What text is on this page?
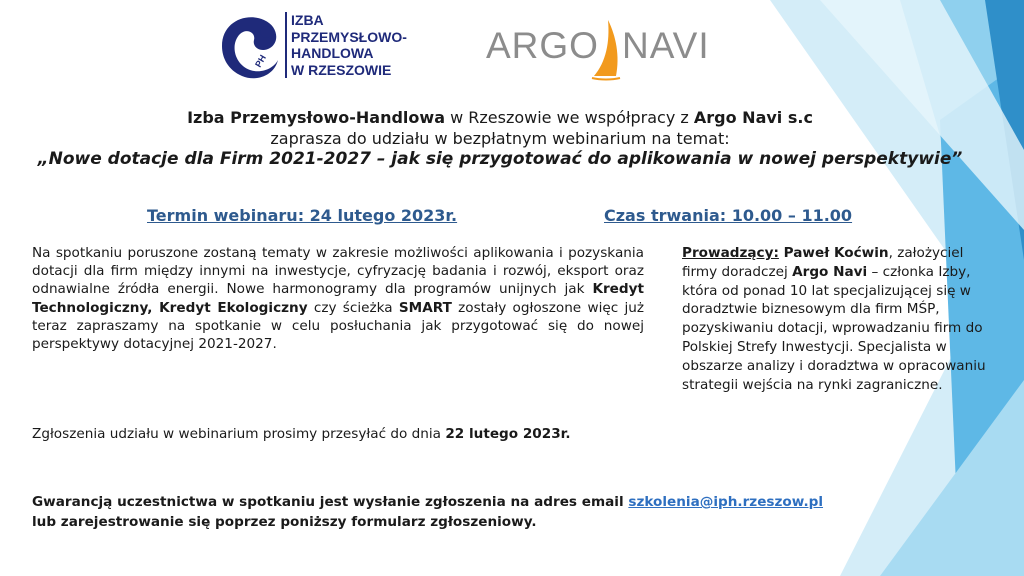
PH
IZBA
PRZEMYSŁOWO-
HANDLOWA
W RZESZOWIE
ARGO NAVI
Izba Przemysłowo-Handlowa w Rzeszowie we współpracy z Argo Navi s.c
zaprasza do udziału w bezpłatnym webinarium na temat:
„Nowe dotacje dla Firm 2021-2027 – jak się przygotować do aplikowania w nowej perspektywie”
Termin webinaru: 24 lutego 2023r.	Czas trwania: 10.00 – 11.00

Na spotkaniu poruszone zostaną tematy w zakresie możliwości aplikowania i pozyskania dotacji dla firm między innymi na inwestycje, cyfryzację badania i rozwój, eksport oraz odnawialne źródła energii. Nowe harmonogramy dla programów unijnych jak Kredyt Technologiczny, Kredyt Ekologiczny czy ścieżka SMART zostały ogłoszone więc już teraz zapraszamy na spotkanie w celu posłuchania jak przygotować się do nowej perspektywy dotacyjnej 2021-2027.

Zgłoszenia udziału w webinarium prosimy przesyłać do dnia 22 lutego 2023r.
Gwarancją uczestnictwa w spotkaniu jest wysłanie zgłoszenia na adres email szkolenia@iph.rzeszow.pl
lub zarejestrowanie się poprzez poniższy formularz zgłoszeniowy.

Prowadzący: Paweł Koćwin, założyciel firmy doradczej Argo Navi – członka Izby, która od ponad 10 lat specjalizującej się w doradztwie biznesowym dla firm MŚP, pozyskiwaniu dotacji, wprowadzaniu firm do Polskiej Strefy Inwestycji. Specjalista w obszarze analizy i doradztwa w opracowaniu strategii wejścia na rynki zagraniczne.
